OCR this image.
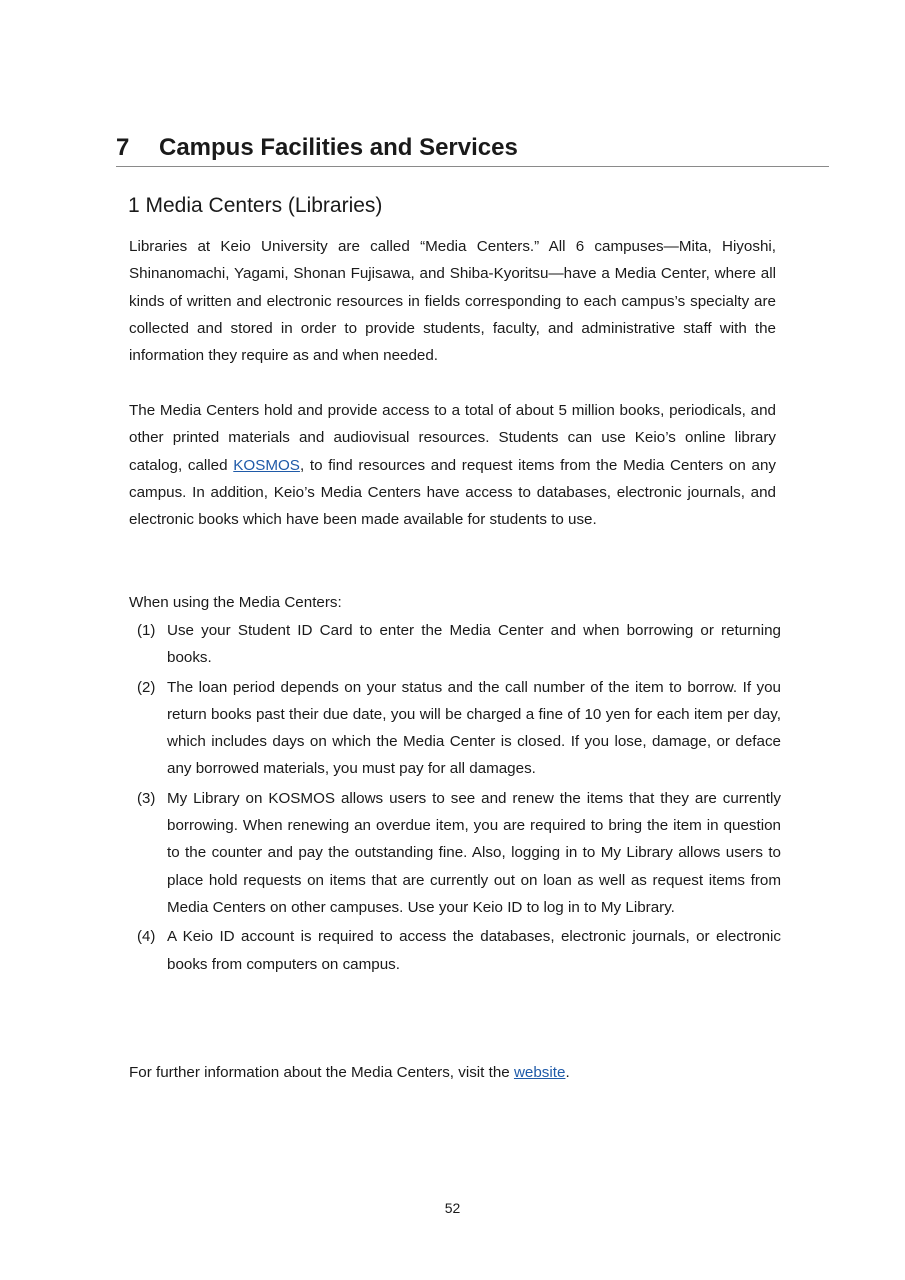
7 Campus Facilities and Services
1 Media Centers (Libraries)

Libraries at Keio University are called “Media Centers.” All 6 campuses—Mita, Hiyoshi, Shinanomachi, Yagami, Shonan Fujisawa, and Shiba-Kyoritsu—have a Media Center, where all kinds of written and electronic resources in fields corresponding to each campus’s specialty are collected and stored in order to provide students, faculty, and administrative staff with the information they require as and when needed.

The Media Centers hold and provide access to a total of about 5 million books, periodicals, and other printed materials and audiovisual resources. Students can use Keio’s online library catalog, called KOSMOS, to find resources and request items from the Media Centers on any campus. In addition, Keio’s Media Centers have access to databases, electronic journals, and electronic books which have been made available for students to use.

When using the Media Centers:

(1) Use your Student ID Card to enter the Media Center and when borrowing or returning books.
(2) The loan period depends on your status and the call number of the item to borrow. If you return books past their due date, you will be charged a fine of 10 yen for each item per day, which includes days on which the Media Center is closed. If you lose, damage, or deface any borrowed materials, you must pay for all damages.
(3) My Library on KOSMOS allows users to see and renew the items that they are currently borrowing. When renewing an overdue item, you are required to bring the item in question to the counter and pay the outstanding fine. Also, logging in to My Library allows users to place hold requests on items that are currently out on loan as well as request items from Media Centers on other campuses. Use your Keio ID to log in to My Library.
(4) A Keio ID account is required to access the databases, electronic journals, or electronic books from computers on campus.

For further information about the Media Centers, visit the website.

52
